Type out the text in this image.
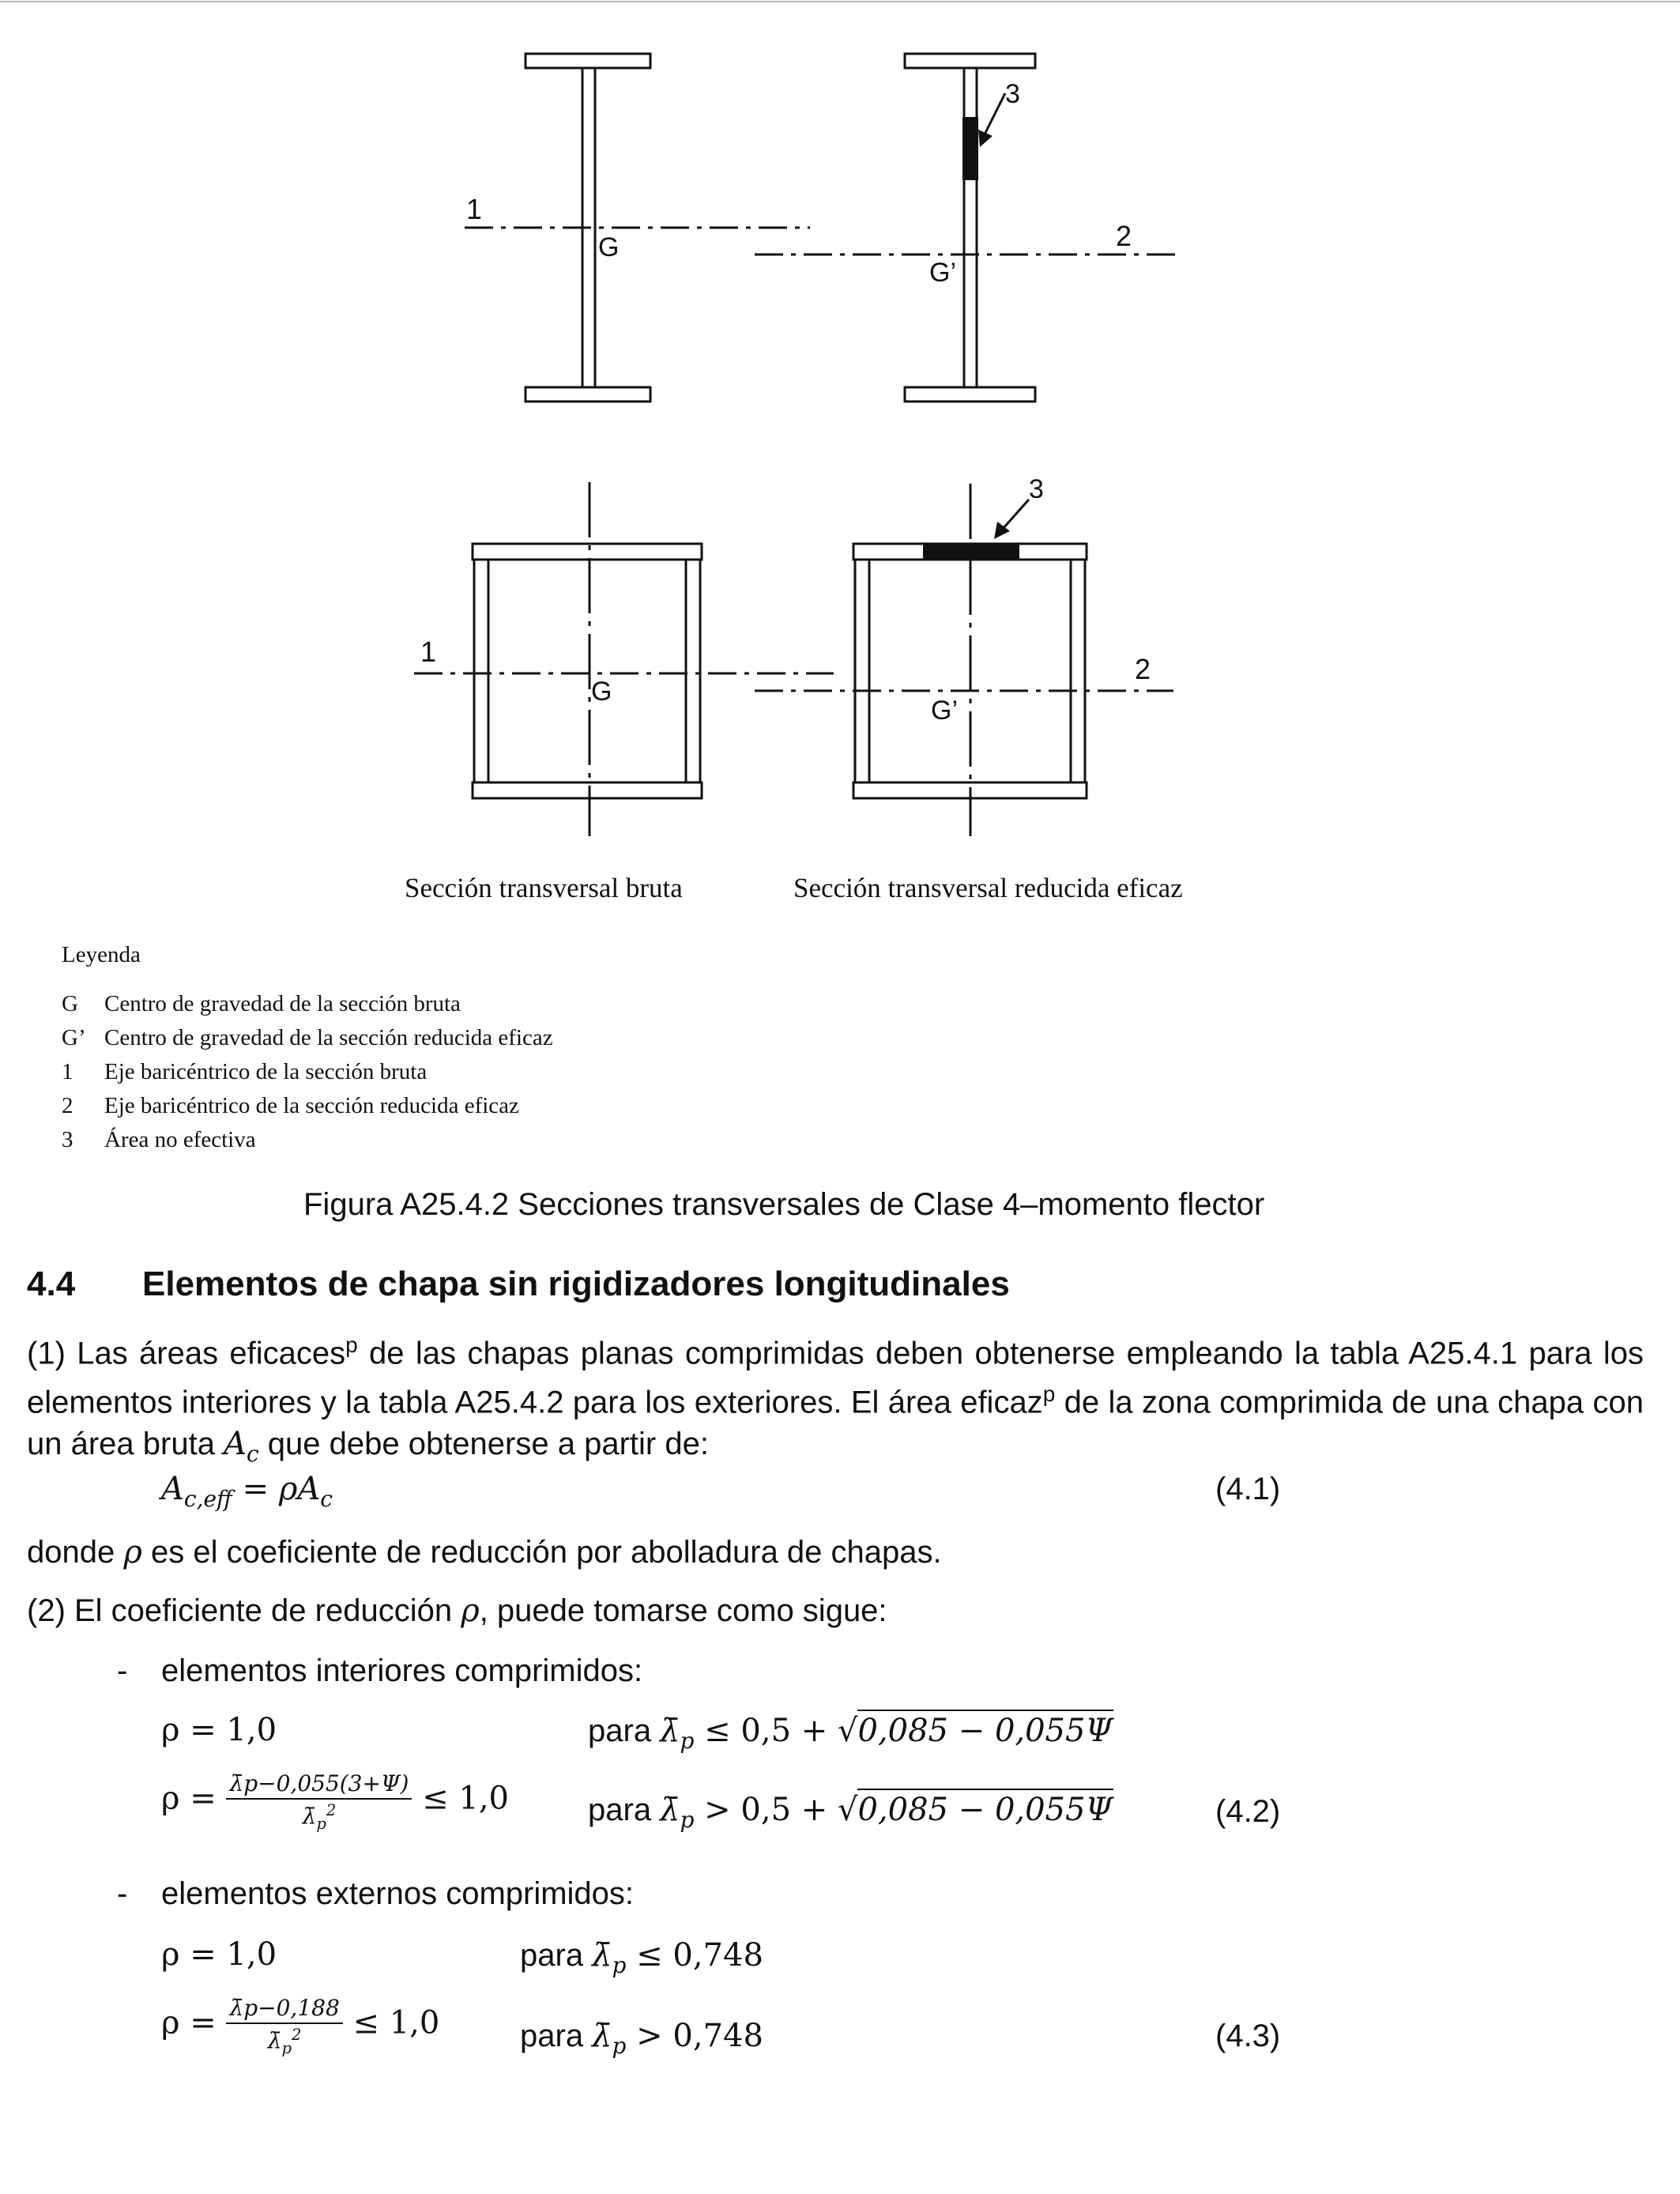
1
G
3
2
G’
1
G
3
2
G’
Sección transversal bruta	Sección transversal reducida eficaz
Leyenda
G Centro de gravedad de la sección bruta
G’ Centro de gravedad de la sección reducida eficaz
1 Eje baricéntrico de la sección bruta
2 Eje baricéntrico de la sección reducida eficaz
3 Área no efectiva
Figura A25.4.2 Secciones transversales de Clase 4–momento flector
4.4 Elementos de chapa sin rigidizadores longitudinales
(1) Las áreas eficaces$^p$ de las chapas planas comprimidas deben obtenerse empleando la tabla A25.4.1 para los elementos interiores y la tabla A25.4.2 para los exteriores. El área eficaz$^p$ de la zona comprimida de una chapa con un área bruta $A_c$ que debe obtenerse a partir de:
$A_{c,eff} = \rho A_c$	(4.1)
donde ρ es el coeficiente de reducción por abolladura de chapas.
(2) El coeficiente de reducción ρ, puede tomarse como sigue:
- elementos interiores comprimidos:
ρ = 1,0	para $\lambdā_p \le 0,5 + √0,085 - 0,055\Psi$
$\rho = \frac{\lambdāp-0,055(3+\Psi)}{\lambdā_p^2} \le 1,0$	para $\lambdā_p > 0,5 + √0,085 - 0,055\Psi$	(4.2)
- elementos externos comprimidos:
ρ = 1,0	para $\lambdā_p \le 0,748$
$\rho = \frac{\lambdāp-0,188}{\lambdā_p^2} \le 1,0$	para $\lambdā_p > 0,748$	(4.3)
